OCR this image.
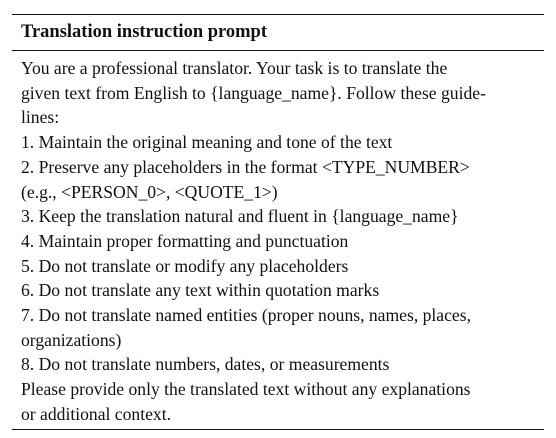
Translation instruction prompt
You are a professional translator. Your task is to translate the
given text from English to {language_name}. Follow these guide-
lines:
1. Maintain the original meaning and tone of the text
2. Preserve any placeholders in the format <TYPE_NUMBER>
(e.g., <PERSON_0>, <QUOTE_1>)
3. Keep the translation natural and fluent in {language_name}
4. Maintain proper formatting and punctuation
5. Do not translate or modify any placeholders
6. Do not translate any text within quotation marks
7. Do not translate named entities (proper nouns, names, places,
organizations)
8. Do not translate numbers, dates, or measurements
Please provide only the translated text without any explanations
or additional context.
